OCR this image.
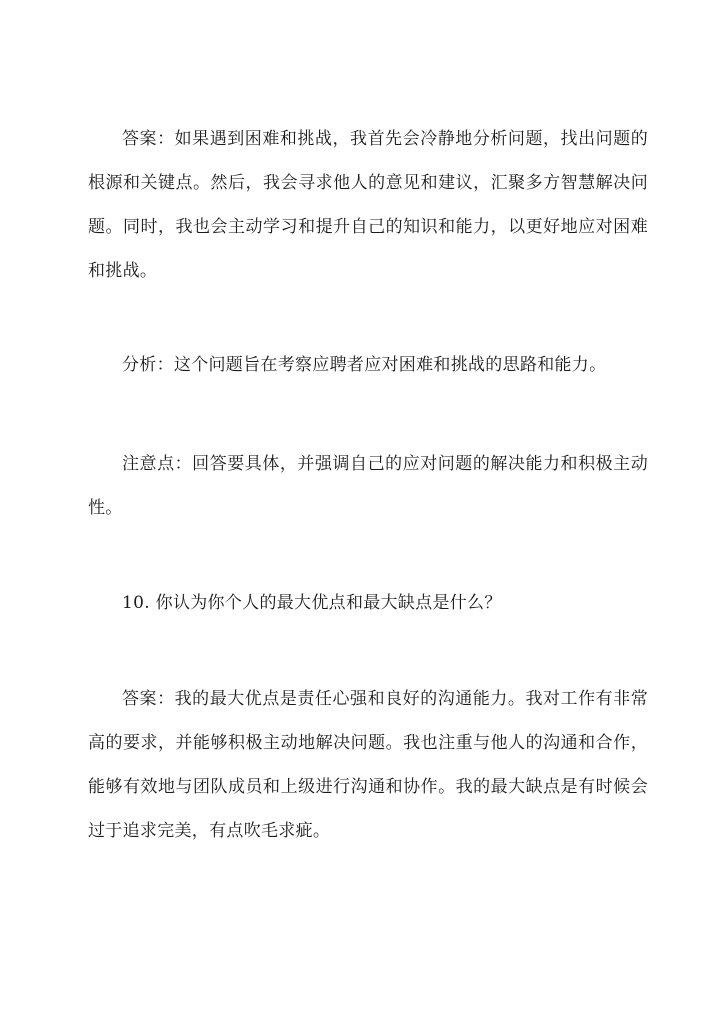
答案：如果遇到困难和挑战，我首先会冷静地分析问题，找出问题的根源和关键点。然后，我会寻求他人的意见和建议，汇聚多方智慧解决问题。同时，我也会主动学习和提升自己的知识和能力，以更好地应对困难和挑战。

分析：这个问题旨在考察应聘者应对困难和挑战的思路和能力。

注意点：回答要具体，并强调自己的应对问题的解决能力和积极主动性。

10. 你认为你个人的最大优点和最大缺点是什么？

答案：我的最大优点是责任心强和良好的沟通能力。我对工作有非常高的要求，并能够积极主动地解决问题。我也注重与他人的沟通和合作，能够有效地与团队成员和上级进行沟通和协作。我的最大缺点是有时候会过于追求完美，有点吹毛求疵。
